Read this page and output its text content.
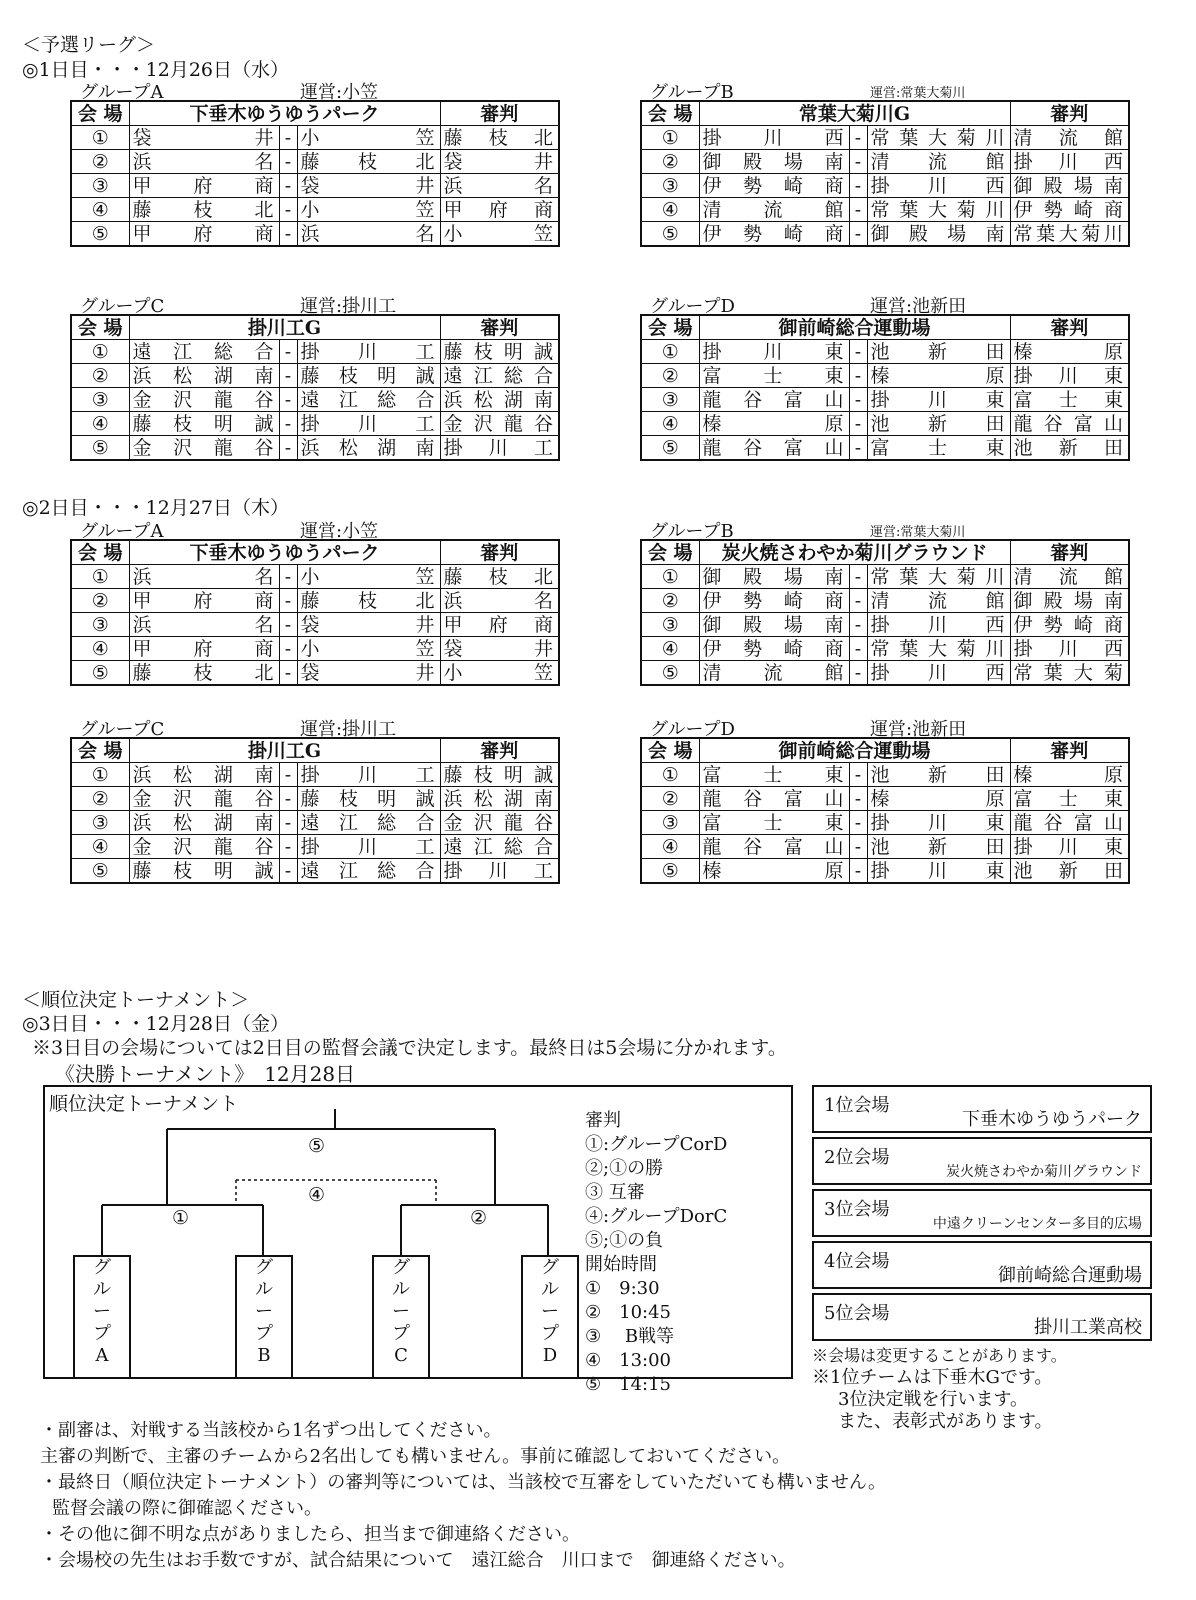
＜予選リーグ＞
◎1日目・・・12月26日（水）
グループA	運営:小笠
会 場	下垂木ゆうゆうパーク			審判
①	袋井	-	小笠	藤枝北
②	浜名	-	藤枝北	袋井
③	甲府商	-	袋井	浜名
④	藤枝北	-	小笠	甲府商
⑤	甲府商	-	浜名	小笠
グループB	運営:常葉大菊川
会 場	常葉大菊川G			審判
①	掛川西	-	常葉大菊川	清流館
②	御殿場南	-	清流館	掛川西
③	伊勢崎商	-	掛川西	御殿場南
④	清流館	-	常葉大菊川	伊勢崎商
⑤	伊勢崎商	-	御殿場南	常葉大菊川
グループC	運営:掛川工
会 場	掛川工G			審判
①	遠江総合	-	掛川工	藤枝明誠
②	浜松湖南	-	藤枝明誠	遠江総合
③	金沢龍谷	-	遠江総合	浜松湖南
④	藤枝明誠	-	掛川工	金沢龍谷
⑤	金沢龍谷	-	浜松湖南	掛川工
グループD	運営:池新田
会 場	御前崎総合運動場			審判
①	掛川東	-	池新田	榛原
②	富士東	-	榛原	掛川東
③	龍谷富山	-	掛川東	富士東
④	榛原	-	池新田	龍谷富山
⑤	龍谷富山	-	富士東	池新田
◎2日目・・・12月27日（木）
グループA	運営:小笠
会 場	下垂木ゆうゆうパーク			審判
①	浜名	-	小笠	藤枝北
②	甲府商	-	藤枝北	浜名
③	浜名	-	袋井	甲府商
④	甲府商	-	小笠	袋井
⑤	藤枝北	-	袋井	小笠
グループB	運営:常葉大菊川
会 場	炭火焼さわやか菊川グラウンド			審判
①	御殿場南	-	常葉大菊川	清流館
②	伊勢崎商	-	清流館	御殿場南
③	御殿場南	-	掛川西	伊勢崎商
④	伊勢崎商	-	常葉大菊川	掛川西
⑤	清流館	-	掛川西	常葉大菊
グループC	運営:掛川工
会 場	掛川工G			審判
①	浜松湖南	-	掛川工	藤枝明誠
②	金沢龍谷	-	藤枝明誠	浜松湖南
③	浜松湖南	-	遠江総合	金沢龍谷
④	金沢龍谷	-	掛川工	遠江総合
⑤	藤枝明誠	-	遠江総合	掛川工
グループD	運営:池新田
会 場	御前崎総合運動場			審判
①	富士東	-	池新田	榛原
②	龍谷富山	-	榛原	富士東
③	富士東	-	掛川東	龍谷富山
④	龍谷富山	-	池新田	掛川東
⑤	榛原	-	掛川東	池新田
＜順位決定トーナメント＞
◎3日目・・・12月28日（金）
※3日目の会場については2日目の監督会議で決定します。最終日は5会場に分かれます。
《決勝トーナメント》　12月28日
順位決定トーナメント
⑤
④
①	②
グ
ル
ー
プ
A
グ
ル
ー
プ
B
グ
ル
ー
プ
C
グ
ル
ー
プ
D
審判
①:グループCorD
②;①の勝
③ 互審
④:グループDorC
⑤;①の負
開始時間
①　9:30
②　10:45
③　 B戦等
④　13:00
⑤　14:15
1位会場
下垂木ゆうゆうパーク
2位会場
炭火焼さわやか菊川グラウンド
3位会場
中遠クリーンセンター多目的広場
4位会場
御前崎総合運動場
5位会場
掛川工業高校
※会場は変更することがあります。
※1位チームは下垂木Gです。
3位決定戦を行います。
また、表彰式があります。
・副審は、対戦する当該校から1名ずつ出してください。
主審の判断で、主審のチームから2名出しても構いません。事前に確認しておいてください。
・最終日（順位決定トーナメント）の審判等については、当該校で互審をしていただいても構いません。
監督会議の際に御確認ください。
・その他に御不明な点がありましたら、担当まで御連絡ください。
・会場校の先生はお手数ですが、試合結果について　遠江総合　川口まで　御連絡ください。
